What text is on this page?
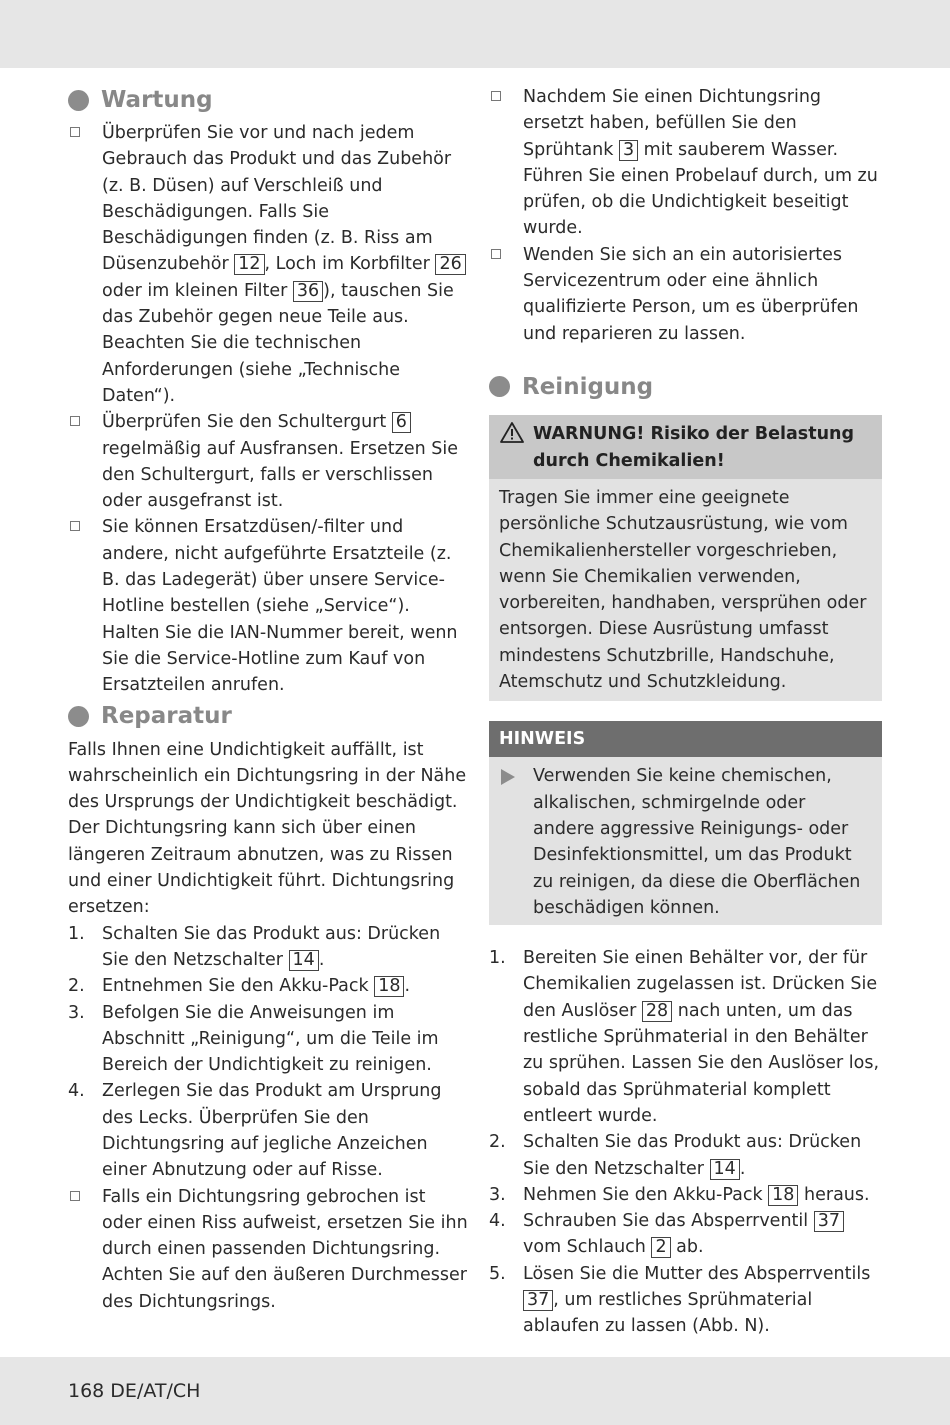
Wartung

Überprüfen Sie vor und nach jedem Gebrauch das Produkt und das Zubehör (z. B. Düsen) auf Verschleiß und Beschädigungen. Falls Sie Beschädigungen finden (z. B. Riss am Düsenzubehör 12 , Loch im Korbfilter 26 oder im kleinen Filter 36 ), tauschen Sie das Zubehör gegen neue Teile aus.

Beachten Sie die technischen Anforderungen (siehe „Technische Daten“).

Überprüfen Sie den Schultergurt 6 regelmäßig auf Ausfransen. Ersetzen Sie den Schultergurt, falls er verschlissen oder ausgefranst ist.

Sie können Ersatzdüsen/-filter und andere, nicht aufgeführte Ersatzteile (z. B. das Ladegerät) über unsere Service-Hotline bestellen (siehe „Service“). Halten Sie die IAN-Nummer bereit, wenn Sie die Service-Hotline zum Kauf von Ersatzteilen anrufen.

Reparatur

Falls Ihnen eine Undichtigkeit auffällt, ist wahrscheinlich ein Dichtungsring in der Nähe des Ursprungs der Undichtigkeit beschädigt. Der Dichtungsring kann sich über einen längeren Zeitraum abnutzen, was zu Rissen und einer Undichtigkeit führt. Dichtungsring ersetzen:

1. Schalten Sie das Produkt aus: Drücken Sie den Netzschalter 14 .

2. Entnehmen Sie den Akku-Pack 18 .

3. Befolgen Sie die Anweisungen im Abschnitt „Reinigung“, um die Teile im Bereich der Undichtigkeit zu reinigen.

4. Zerlegen Sie das Produkt am Ursprung des Lecks. Überprüfen Sie den Dichtungsring auf jegliche Anzeichen einer Abnutzung oder auf Risse.

Falls ein Dichtungsring gebrochen ist oder einen Riss aufweist, ersetzen Sie ihn durch einen passenden Dichtungsring. Achten Sie auf den äußeren Durchmesser des Dichtungsrings.

Nachdem Sie einen Dichtungsring ersetzt haben, befüllen Sie den Sprühtank 3 mit sauberem Wasser. Führen Sie einen Probelauf durch, um zu prüfen, ob die Undichtigkeit beseitigt wurde.

Wenden Sie sich an ein autorisiertes Servicezentrum oder eine ähnlich qualifizierte Person, um es überprüfen und reparieren zu lassen.

Reinigung
WARNUNG! Risiko der Belastung durch Chemikalien!
Tragen Sie immer eine geeignete persönliche Schutzausrüstung, wie vom Chemikalienhersteller vorgeschrieben, wenn Sie Chemikalien verwenden, vorbereiten, handhaben, versprühen oder entsorgen. Diese Ausrüstung umfasst mindestens Schutzbrille, Handschuhe, Atemschutz und Schutzkleidung.
HINWEIS
Verwenden Sie keine chemischen, alkalischen, schmirgelnde oder andere aggressive Reinigungs- oder Desinfektionsmittel, um das Produkt zu reinigen, da diese die Oberflächen beschädigen können.
1. Bereiten Sie einen Behälter vor, der für Chemikalien zugelassen ist. Drücken Sie den Auslöser 28 nach unten, um das restliche Sprühmaterial in den Behälter zu sprühen. Lassen Sie den Auslöser los, sobald das Sprühmaterial komplett entleert wurde.

2. Schalten Sie das Produkt aus: Drücken Sie den Netzschalter 14 .

3. Nehmen Sie den Akku-Pack 18 heraus.

4. Schrauben Sie das Absperrventil 37 vom Schlauch 2 ab.

5. Lösen Sie die Mutter des Absperrventils 37 , um restliches Sprühmaterial ablaufen zu lassen (Abb. N).

168 DE/AT/CH
